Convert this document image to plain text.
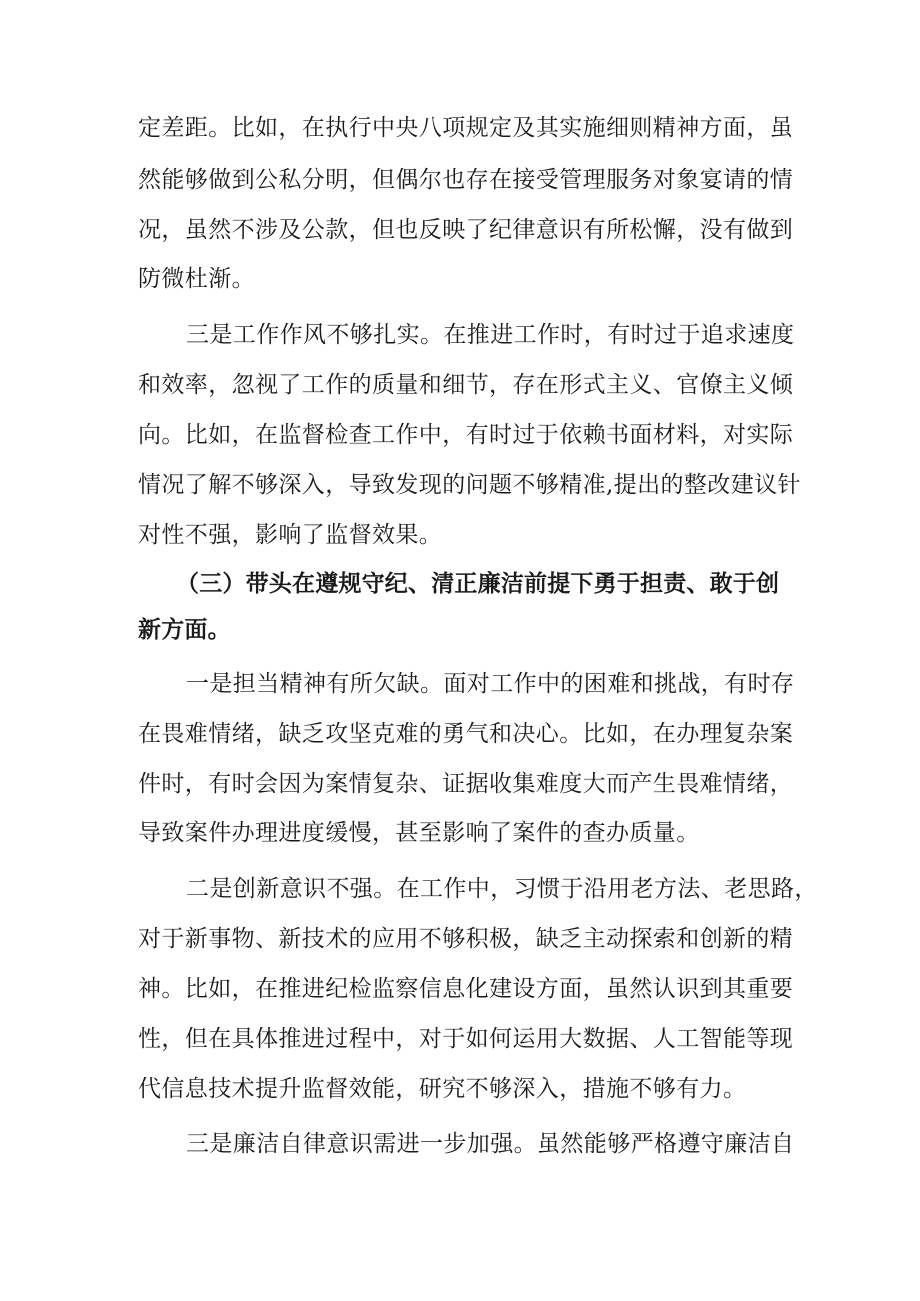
定差距。比如，在执行中央八项规定及其实施细则精神方面，虽
然能够做到公私分明，但偶尔也存在接受管理服务对象宴请的情
况，虽然不涉及公款，但也反映了纪律意识有所松懈，没有做到
防微杜渐。
三是工作作风不够扎实。在推进工作时，有时过于追求速度
和效率，忽视了工作的质量和细节，存在形式主义、官僚主义倾
向。比如，在监督检查工作中，有时过于依赖书面材料，对实际
情况了解不够深入，导致发现的问题不够精准,提出的整改建议针
对性不强，影响了监督效果。
（三）带头在遵规守纪、清正廉洁前提下勇于担责、敢于创
新方面。
一是担当精神有所欠缺。面对工作中的困难和挑战，有时存
在畏难情绪，缺乏攻坚克难的勇气和决心。比如，在办理复杂案
件时，有时会因为案情复杂、证据收集难度大而产生畏难情绪，
导致案件办理进度缓慢，甚至影响了案件的查办质量。
二是创新意识不强。在工作中，习惯于沿用老方法、老思路，
对于新事物、新技术的应用不够积极，缺乏主动探索和创新的精
神。比如，在推进纪检监察信息化建设方面，虽然认识到其重要
性，但在具体推进过程中，对于如何运用大数据、人工智能等现
代信息技术提升监督效能，研究不够深入，措施不够有力。
三是廉洁自律意识需进一步加强。虽然能够严格遵守廉洁自
